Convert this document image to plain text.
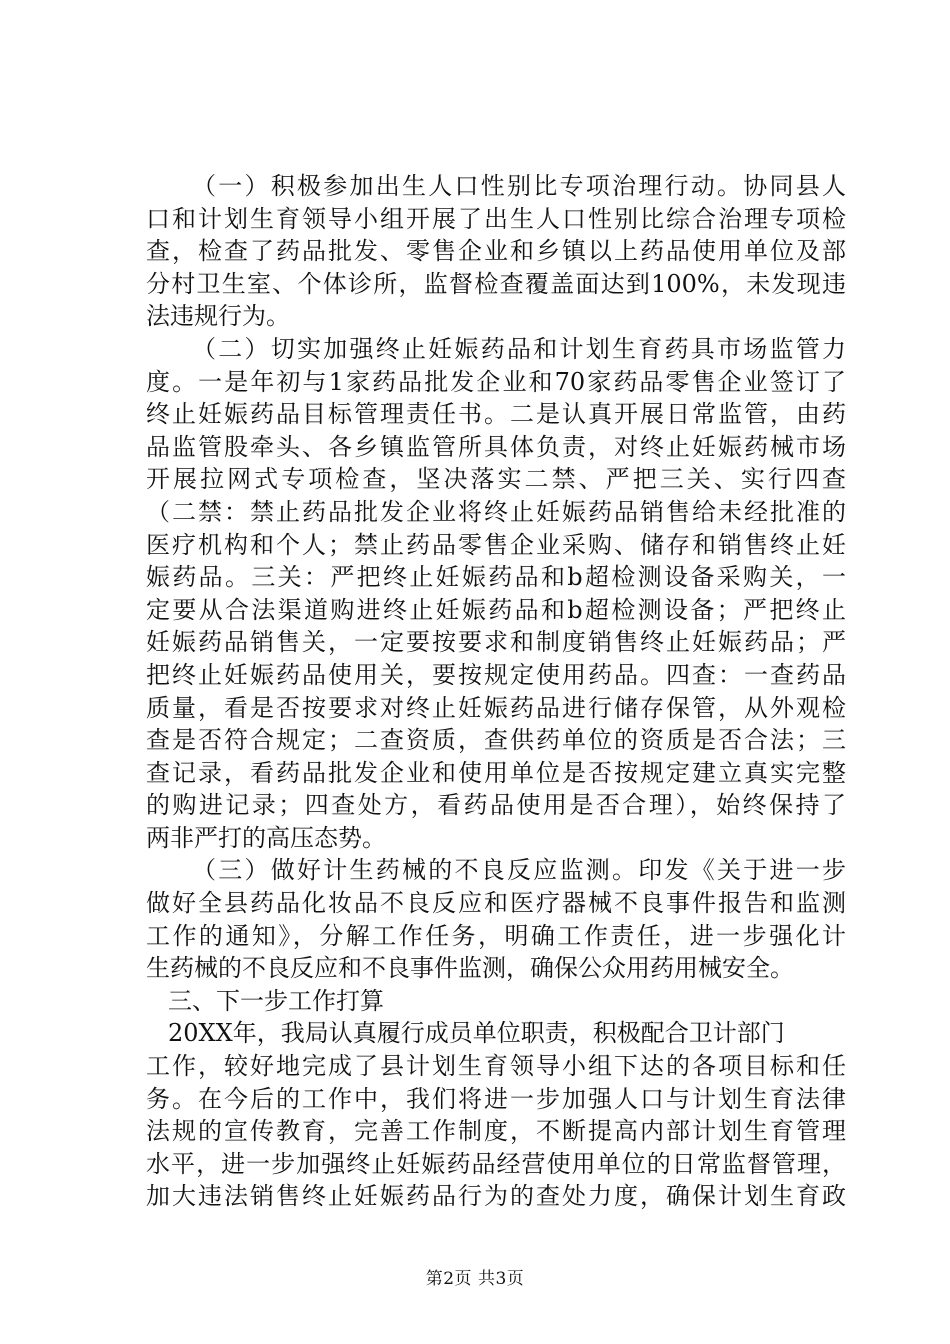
（一）积极参加出生人口性别比专项治理行动。协同县人
口和计划生育领导小组开展了出生人口性别比综合治理专项检
查，检查了药品批发、零售企业和乡镇以上药品使用单位及部
分村卫生室、个体诊所，监督检查覆盖面达到100%，未发现违
法违规行为。
（二）切实加强终止妊娠药品和计划生育药具市场监管力
度。一是年初与1家药品批发企业和70家药品零售企业签订了
终止妊娠药品目标管理责任书。二是认真开展日常监管，由药
品监管股牵头、各乡镇监管所具体负责，对终止妊娠药械市场
开展拉网式专项检查，坚决落实二禁、严把三关、实行四查
（二禁：禁止药品批发企业将终止妊娠药品销售给未经批准的
医疗机构和个人；禁止药品零售企业采购、储存和销售终止妊
娠药品。三关：严把终止妊娠药品和b超检测设备采购关，一
定要从合法渠道购进终止妊娠药品和b超检测设备；严把终止
妊娠药品销售关，一定要按要求和制度销售终止妊娠药品；严
把终止妊娠药品使用关，要按规定使用药品。四查：一查药品
质量，看是否按要求对终止妊娠药品进行储存保管，从外观检
查是否符合规定；二查资质，查供药单位的资质是否合法；三
查记录，看药品批发企业和使用单位是否按规定建立真实完整
的购进记录；四查处方，看药品使用是否合理），始终保持了
两非严打的高压态势。
（三）做好计生药械的不良反应监测。印发《关于进一步
做好全县药品化妆品不良反应和医疗器械不良事件报告和监测
工作的通知》，分解工作任务，明确工作责任，进一步强化计
生药械的不良反应和不良事件监测，确保公众用药用械安全。
三、下一步工作打算
20XX年，我局认真履行成员单位职责，积极配合卫计部门
工作，较好地完成了县计划生育领导小组下达的各项目标和任
务。在今后的工作中，我们将进一步加强人口与计划生育法律
法规的宣传教育，完善工作制度，不断提高内部计划生育管理
水平，进一步加强终止妊娠药品经营使用单位的日常监督管理，
加大违法销售终止妊娠药品行为的查处力度，确保计划生育政
第2页 共3页
